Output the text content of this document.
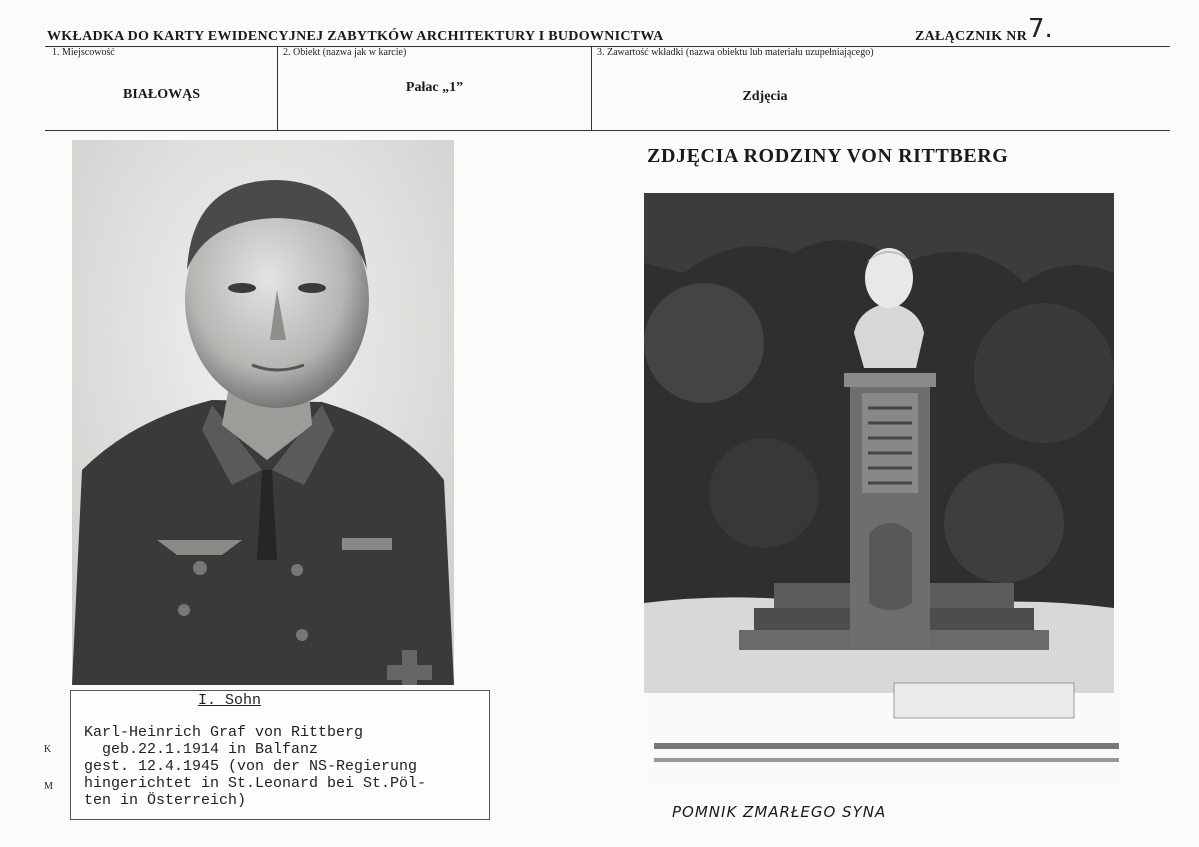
WKŁADKA DO KARTY EWIDENCYJNEJ ZABYTKÓW ARCHITEKTURY I BUDOWNICTWA	ZAŁĄCZNIK NR 7.
1. Miejscowość
BIAŁOWĄS
2. Obiekt (nazwa jak w karcie)
Pałac „1”
3. Zawartość wkładki (nazwa obiektu lub materiału uzupełniającego)
Zdjęcia
I. Sohn
Karl-Heinrich Graf von Rittberg
geb.22.1.1914 in Balfanz
gest. 12.4.1945 (von der NS-Regierung
hingerichtet in St.Leonard bei St.Pöl-
ten in Österreich)
K
M
ZDJĘCIA RODZINY VON RITTBERG
POMNIK ZMARŁEGO SYNA
